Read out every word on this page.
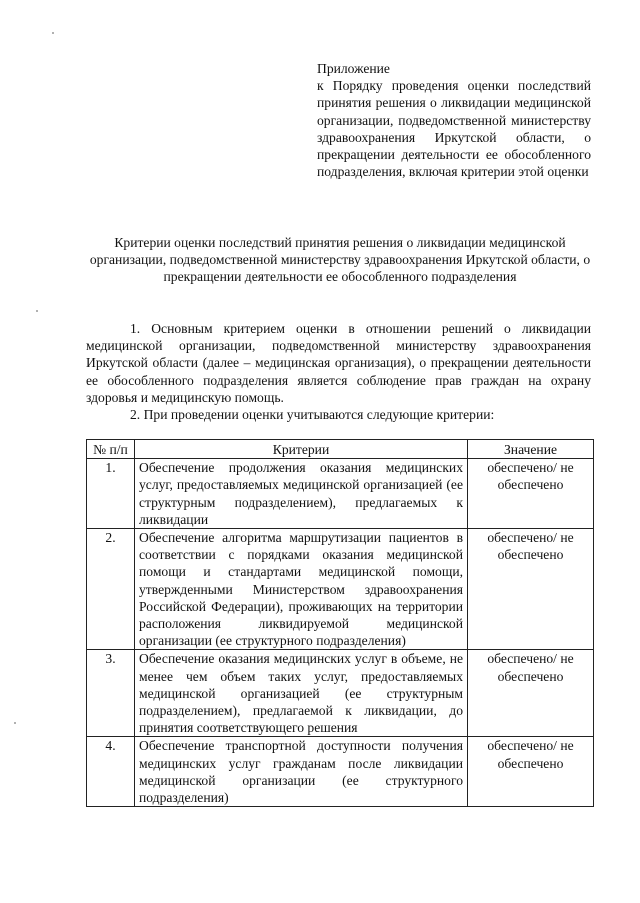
Приложение
к Порядку проведения оценки последствий принятия решения о ликвидации медицинской организации, подведомственной министерству здравоохранения Иркутской области, о прекращении деятельности ее обособленного подразделения, включая критерии этой оценки
Критерии оценки последствий принятия решения о ликвидации медицинской организации, подведомственной министерству здравоохранения Иркутской области, о прекращении деятельности ее обособленного подразделения
1. Основным критерием оценки в отношении решений о ликвидации медицинской организации, подведомственной министерству здравоохранения Иркутской области (далее – медицинская организация), о прекращении деятельности ее обособленного подразделения является соблюдение прав граждан на охрану здоровья и медицинскую помощь.
2. При проведении оценки учитываются следующие критерии:
№ п/п	Критерии	Значение
1.	Обеспечение продолжения оказания медицинских услуг, предоставляемых медицинской организацией (ее структурным подразделением), предлагаемых к ликвидации	обеспечено/ не обеспечено
2.	Обеспечение алгоритма маршрутизации пациентов в соответствии с порядками оказания медицинской помощи и стандартами медицинской помощи, утвержденными Министерством здравоохранения Российской Федерации), проживающих на территории расположения ликвидируемой медицинской организации (ее структурного подразделения)	обеспечено/ не обеспечено
3.	Обеспечение оказания медицинских услуг в объеме, не менее чем объем таких услуг, предоставляемых медицинской организацией (ее структурным подразделением), предлагаемой к ликвидации, до принятия соответствующего решения	обеспечено/ не обеспечено
4.	Обеспечение транспортной доступности получения медицинских услуг гражданам после ликвидации медицинской организации (ее структурного подразделения)	обеспечено/ не обеспечено
